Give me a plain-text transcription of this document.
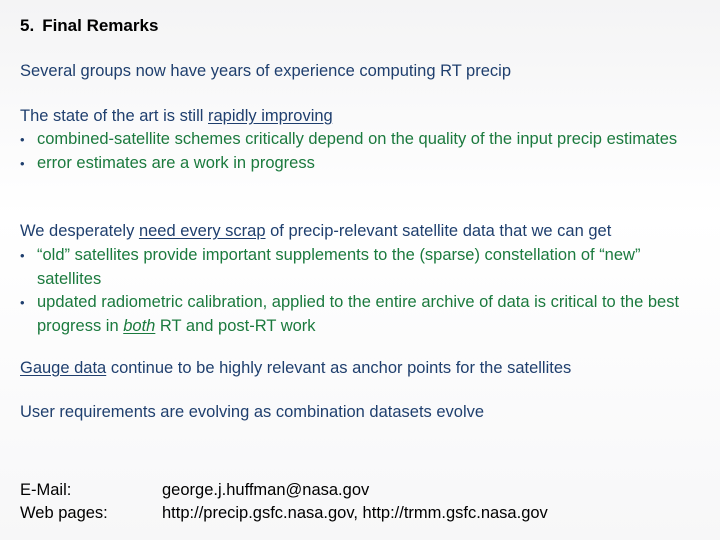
5. Final Remarks
Several groups now have years of experience computing RT precip
The state of the art is still rapidly improving
• combined-satellite schemes critically depend on the quality of the input precip estimates
• error estimates are a work in progress
We desperately need every scrap of precip-relevant satellite data that we can get
• “old” satellites provide important supplements to the (sparse) constellation of “new” satellites
• updated radiometric calibration, applied to the entire archive of data is critical to the best progress in both RT and post-RT work
Gauge data continue to be highly relevant as anchor points for the satellites
User requirements are evolving as combination datasets evolve
E-Mail:	george.j.huffman@nasa.gov
Web pages:	http://precip.gsfc.nasa.gov, http://trmm.gsfc.nasa.gov
